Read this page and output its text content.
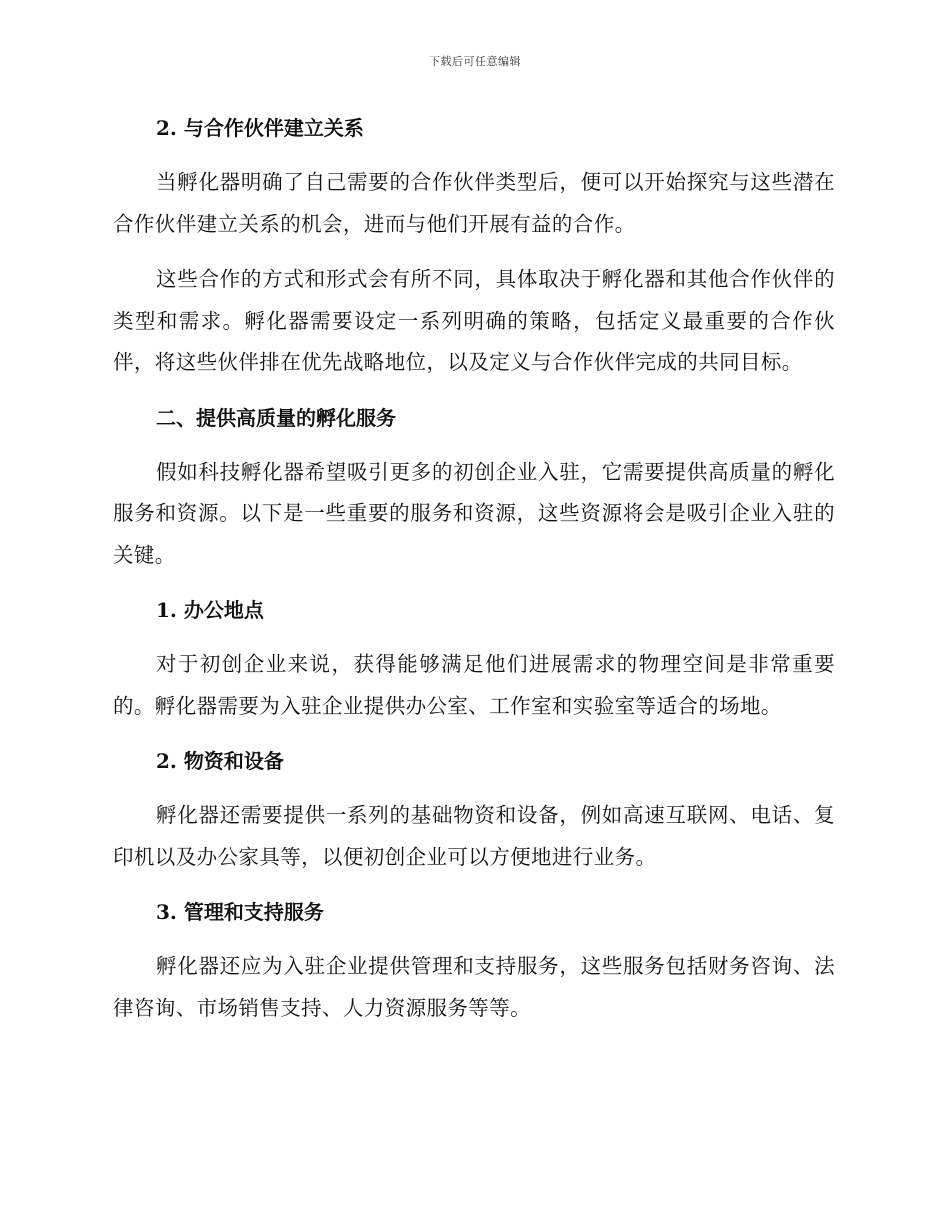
下载后可任意编辑

2. 与合作伙伴建立关系

当孵化器明确了自己需要的合作伙伴类型后，便可以开始探究与这些潜在合作伙伴建立关系的机会，进而与他们开展有益的合作。

这些合作的方式和形式会有所不同，具体取决于孵化器和其他合作伙伴的类型和需求。孵化器需要设定一系列明确的策略，包括定义最重要的合作伙伴，将这些伙伴排在优先战略地位，以及定义与合作伙伴完成的共同目标。

二、提供高质量的孵化服务

假如科技孵化器希望吸引更多的初创企业入驻，它需要提供高质量的孵化服务和资源。以下是一些重要的服务和资源，这些资源将会是吸引企业入驻的关键。

1. 办公地点

对于初创企业来说，获得能够满足他们进展需求的物理空间是非常重要的。孵化器需要为入驻企业提供办公室、工作室和实验室等适合的场地。

2. 物资和设备

孵化器还需要提供一系列的基础物资和设备，例如高速互联网、电话、复印机以及办公家具等，以便初创企业可以方便地进行业务。

3. 管理和支持服务

孵化器还应为入驻企业提供管理和支持服务，这些服务包括财务咨询、法律咨询、市场销售支持、人力资源服务等等。
